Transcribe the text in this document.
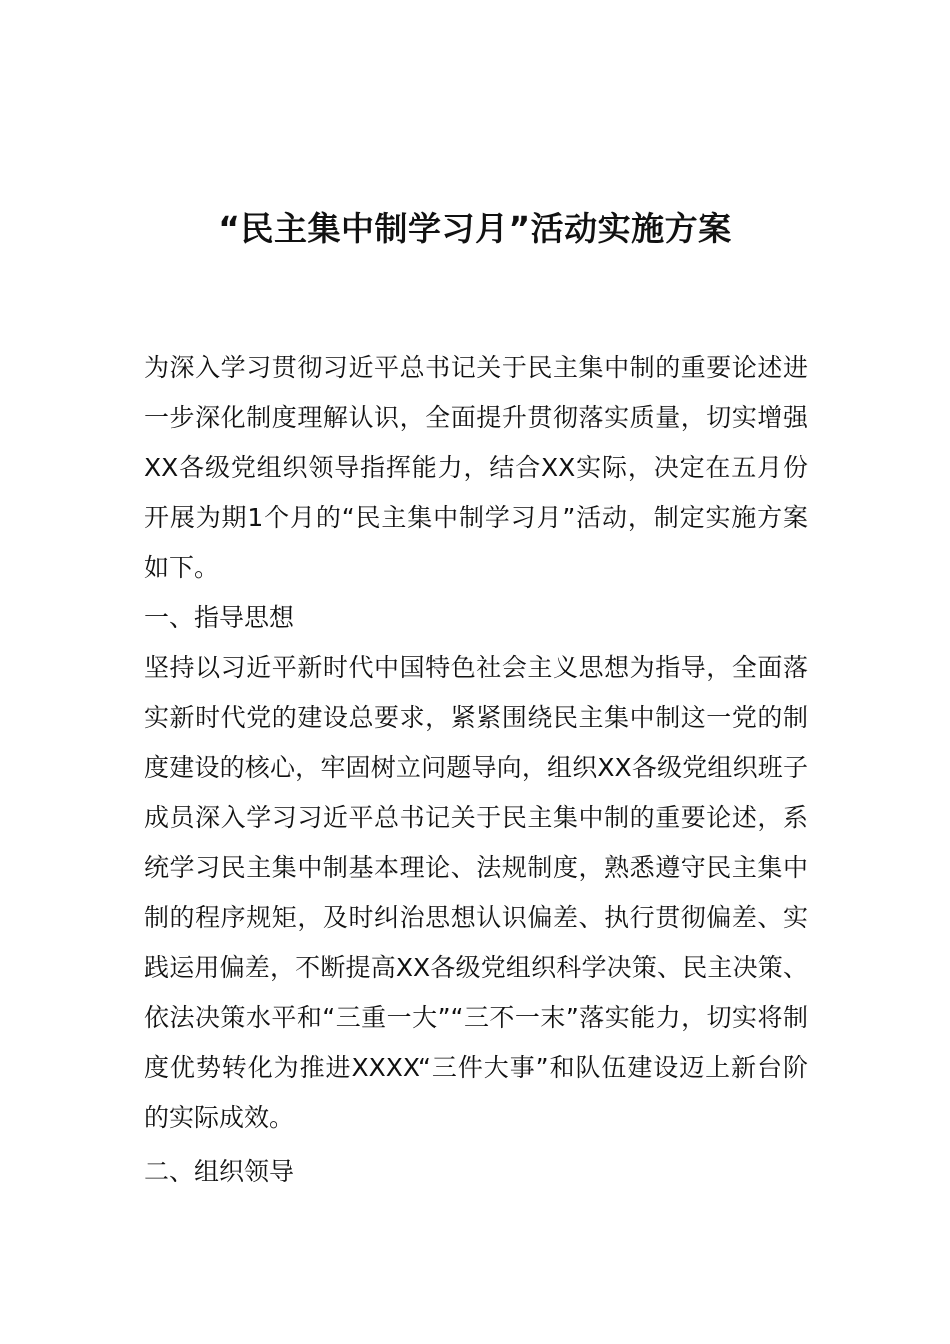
“民主集中制学习月”活动实施方案

为深入学习贯彻习近平总书记关于民主集中制的重要论述进一步深化制度理解认识，全面提升贯彻落实质量，切实增强XX各级党组织领导指挥能力，结合XX实际，决定在五月份开展为期1个月的“民主集中制学习月”活动，制定实施方案如下。

一、指导思想

坚持以习近平新时代中国特色社会主义思想为指导，全面落实新时代党的建设总要求，紧紧围绕民主集中制这一党的制度建设的核心，牢固树立问题导向，组织XX各级党组织班子成员深入学习习近平总书记关于民主集中制的重要论述，系统学习民主集中制基本理论、法规制度，熟悉遵守民主集中制的程序规矩，及时纠治思想认识偏差、执行贯彻偏差、实践运用偏差，不断提高XX各级党组织科学决策、民主决策、依法决策水平和“三重一大”“三不一末”落实能力，切实将制度优势转化为推进XXXX“三件大事”和队伍建设迈上新台阶的实际成效。

二、组织领导
